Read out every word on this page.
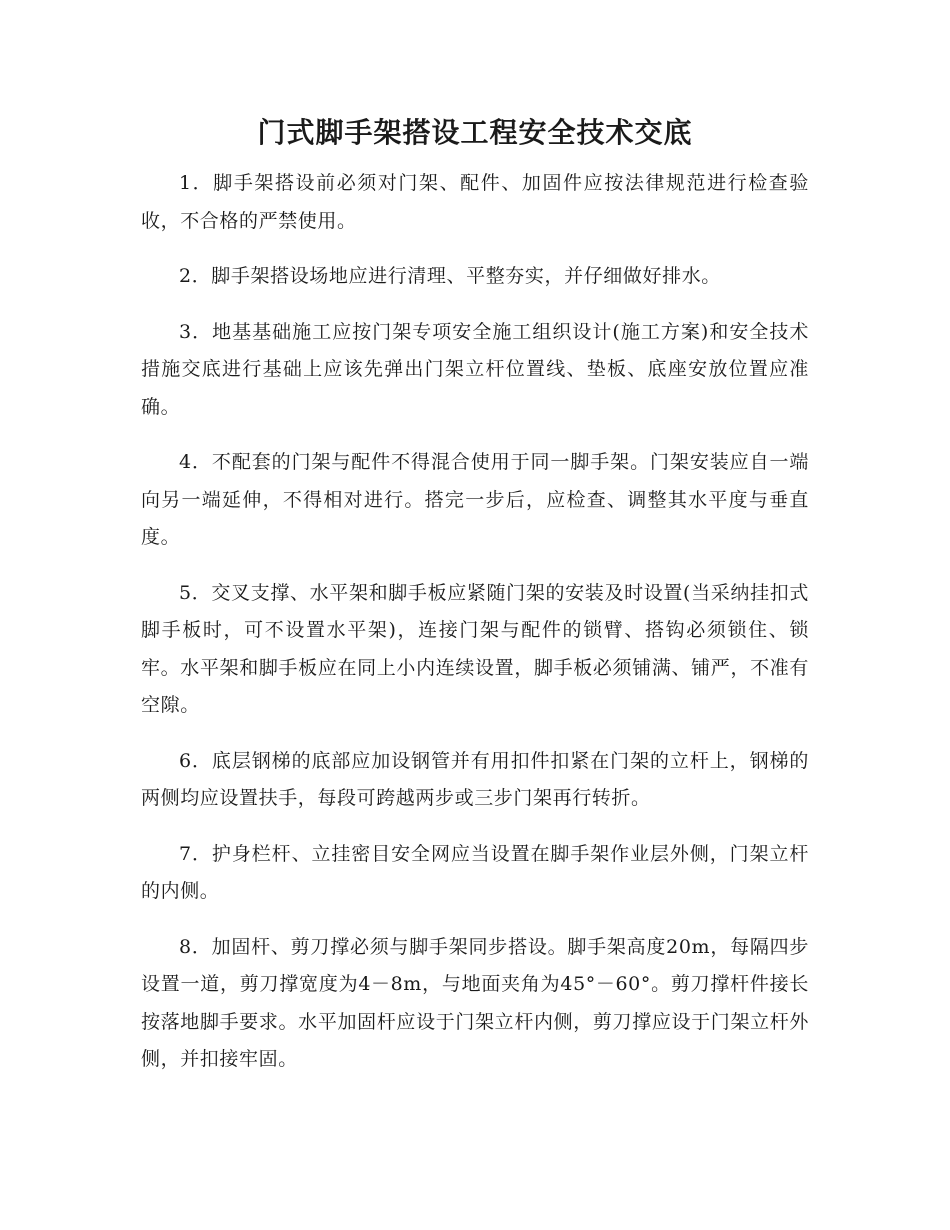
门式脚手架搭设工程安全技术交底

1．脚手架搭设前必须对门架、配件、加固件应按法律规范进行检查验收，不合格的严禁使用。

2．脚手架搭设场地应进行清理、平整夯实，并仔细做好排水。

3．地基基础施工应按门架专项安全施工组织设计(施工方案)和安全技术措施交底进行基础上应该先弹出门架立杆位置线、垫板、底座安放位置应准确。

4．不配套的门架与配件不得混合使用于同一脚手架。门架安装应自一端向另一端延伸，不得相对进行。搭完一步后，应检查、调整其水平度与垂直度。

5．交叉支撑、水平架和脚手板应紧随门架的安装及时设置(当采纳挂扣式脚手板时，可不设置水平架)，连接门架与配件的锁臂、搭钩必须锁住、锁牢。水平架和脚手板应在同上小内连续设置，脚手板必须铺满、铺严，不准有空隙。

6．底层钢梯的底部应加设钢管并有用扣件扣紧在门架的立杆上，钢梯的两侧均应设置扶手，每段可跨越两步或三步门架再行转折。

7．护身栏杆、立挂密目安全网应当设置在脚手架作业层外侧，门架立杆的内侧。

8．加固杆、剪刀撑必须与脚手架同步搭设。脚手架高度20m，每隔四步设置一道，剪刀撑宽度为4－8m，与地面夹角为45°－60°。剪刀撑杆件接长按落地脚手要求。水平加固杆应设于门架立杆内侧，剪刀撑应设于门架立杆外侧，并扣接牢固。
